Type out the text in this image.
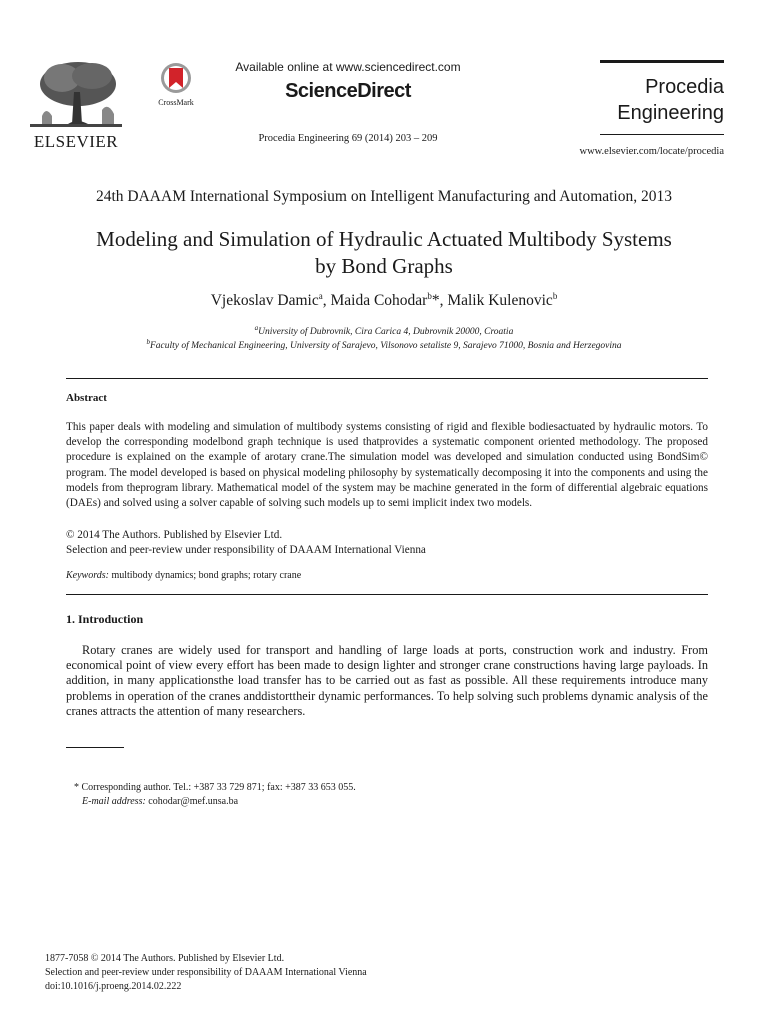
ELSEVIER
CrossMark
Available online at www.sciencedirect.com
ScienceDirect
Procedia Engineering 69 (2014) 203 – 209
Procedia
Engineering
www.elsevier.com/locate/procedia
24th DAAAM International Symposium on Intelligent Manufacturing and Automation, 2013
Modeling and Simulation of Hydraulic Actuated Multibody Systems
by Bond Graphs
Vjekoslav Damic$^a$, Maida Cohodar$^b$*, Malik Kulenovic$^b$
$^a$University of Dubrovnik, Cira Carica 4, Dubrovnik 20000, Croatia
$^b$Faculty of Mechanical Engineering, University of Sarajevo, Vilsonovo setaliste 9, Sarajevo 71000, Bosnia and Herzegovina
Abstract
This paper deals with modeling and simulation of multibody systems consisting of rigid and flexible bodiesactuated by hydraulic motors. To develop the corresponding modelbond graph technique is used thatprovides a systematic component oriented methodology. The proposed procedure is explained on the example of arotary crane.The simulation model was developed and simulation conducted using BondSim© program. The model developed is based on physical modeling philosophy by systematically decomposing it into the components and using the models from theprogram library. Mathematical model of the system may be machine generated in the form of differential algebraic equations (DAEs) and solved using a solver capable of solving such models up to semi implicit index two models.
© 2014 The Authors. Published by Elsevier Ltd.
Selection and peer-review under responsibility of DAAAM International Vienna
Keywords: multibody dynamics; bond graphs; rotary crane
1. Introduction
Rotary cranes are widely used for transport and handling of large loads at ports, construction work and industry. From economical point of view every effort has been made to design lighter and stronger crane constructions having large payloads. In addition, in many applicationsthe load transfer has to be carried out as fast as possible. All these requirements introduce many problems in operation of the cranes anddistorttheir dynamic performances. To help solving such problems dynamic analysis of the cranes attracts the attention of many researchers.
* Corresponding author. Tel.: +387 33 729 871; fax: +387 33 653 055.
E-mail address: cohodar@mef.unsa.ba
1877-7058 © 2014 The Authors. Published by Elsevier Ltd.
Selection and peer-review under responsibility of DAAAM International Vienna
doi:10.1016/j.proeng.2014.02.222
